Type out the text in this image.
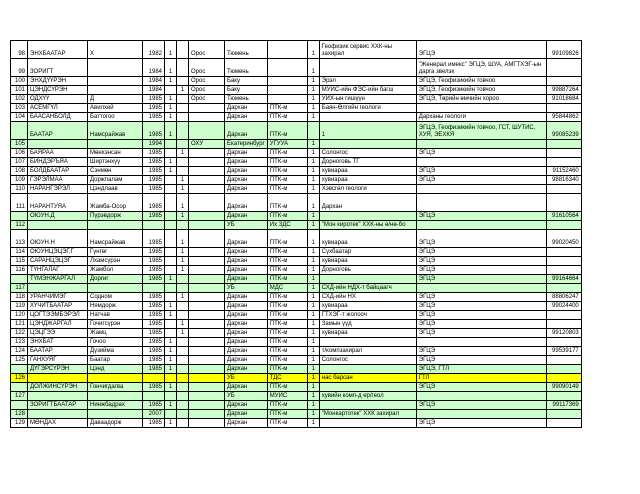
98	ЭНХБААТАР	Х	1982	1		Орос	Тюмень		1	Геофизик сервис ХХК-ны захирал	ЭГЦЭ	99109826
99	ЗОРИГТ		1984	1		Орос	Тюмень		1		"Женерал имекс" ЭГЦЭ, ШУА, АМГТХЭГ-ын дарга звелэх	
100	ЭНХДҮҮРЭН		1984	1		Орос	Баку		1	Эрэл	ЭГЦЭ, Геофизикийн товчоо	
101	ЦЭНДСҮРЭН		1984		1	Орос	Баку		1	МУИС-ийн ФЭС-ийн багш	ЭГЦЭ, Геофизикийн товчоо	99887264
102	ОДХҮҮ	Д	1985	1		Орос	Тюмень		1	УИХ-ын гишүүн	ЭГЦЭ, Төрийн өмчийн хороо	91018684
103	АСЕМГҮЛ	Авилхей	1985	1			Дархан	ПТК-м	1	Баян-Өлгийн геологи		
104	БААСАНБОЛД	Баттогоо	1985	1			Дархан	ПТК-м	1		Дарханы геологи	95844862
	БААТАР	Намсрайжав	1985	1			Дархан	ПТК-м		1	ЭГЦЭ, Геофизикийн товчоо, ГСТ, ШУТИС, ХУЯ, ЭЕХКЯ	99085239
105			1994			ОХУ	Екатеринбург	УГУУА	1			
106	БАЯРАА	Мөнхэнсан	1985		1		Дархан	ПТК-м	1	Солонгос	ЭГЦЭ	
107	БИНДЭРЪЯА	Ширтэнхүү	1985	1			Дархан	ПТК-м	1	Дорноговь ТГ		
108	БОЛДБААТАР	Сэнмөн	1985	1			Дархан	ПТК-м	1	хувиараа	ЭГЦЭ	91152460
109	ГЭРЭЛМАА	Доржпалам	1985		1		Дархан	ПТК-м	1	хувиараа	ЭГЦЭ	98816340
110	НАРАНГЭРЭЛ	Цэндлаав	1985		1		Дархан	ПТК-м	1	Хэвсгөл геологи		
111	НАРАНТУЯА	Жамба-Осор	1985		1		Дархан	ПТК-м	1	Дархан		
	ОЮУН.Д	Пүрэвдорж	1985		1		Дархан	ПТК-м	1		ЭГЦЭ	91610564
112							УБ	Их ЗДС	1	"Мон киротек" ХХК-ны ө/нө-бо		
113	ОЮУН.Н	Намсрайжав	1985		1		Дархан	ПТК-м	1	хувиараа	ЭГЦЭ	99020450
114	ОЮУНЦЭЦЭГ.Г	Гүнгөг	1985		1		Дархан	ПТК-м	1	Сүхбаатар	ЭГЦЭ	
115	САРАНЦЭЦЭГ	Лхамсүрэн	1985		1		Дархан	ПТК-м	1	хувиараа	ЭГЦЭ	
116	ТҮНГАЛАГ	Жамбол	1985		1		Дархан	ПТК-м	1	Дорноговь	ЭГЦЭ	
	ТҮМЭНЖАРГАЛ	Доргиг	1985	1			Дархан	ПТК-м	1		ЭГЦЭ	99164664
117							УБ	МДС	1	СХД-ийн НДХ-т байцаагч		
118	УРАНЧИМЭГ	Содном	1985		1		Дархан	ПТК-м	1	СХД-ийн НХ	ЭГЦЭ	88806247
119	ХҮЧИТБААТАР	Нямдорж	1985	1			Дархан	ПТК-м	1	хувиараа	ЭГЦЭ	99024400
120	ЦОГТЭЭМБЭРЭЛ	Натчав	1985	1			Дархан	ПТК-м	1	ГТХЭГ-т жолооч	ЭГЦЭ	
121	ЦЭНДЖАРГАЛ	Гочигсүрэн	1985		1		Дархан	ПТК-м	1	Замын үүд	ЭГЦЭ	
122	ЦЭЦГЭЭ	Жамц	1985		1		Дархан	ПТК-м	1	хувиараа	ЭГЦЭ	99120803
123	ЭНХБАТ	Гочоо	1985	1			Дархан	ПТК-м	1			
124	БААТАР	Дүзийма	1985	1			Дархан	ПТК-м	1	т/компзахирал	ЭГЦЭ	99539177
125	ГАНХУЯГ	Баатар	1985	1			Дархан	ПТК-м	1	Солонгос	ЭГЦЭ	
	ДҮГЭРСҮРЭН	Цэнд	1985	1			Дархан	ПТК-м	1		ЭГЦЭ, ГТЛ	
126							УБ	ТДС	1	нас барсан	ГТЛ	
	ДОЛЖИНСҮРЭН	Гончигдагва	1985	1			Дархан	ПТК-м	1		ЭГЦЭ	99090149
127							УБ	МУИС	1	хувийн комп-д ер/геол		
	ЗОРИГТБААТАР	Нинжбадрах	1985	1			Дархан	ПТК-м	1		ЭГЦЭ	99117369
128			2007				Дархан	ПТК-м	1	"Монкартотек" ХХК захирал		
129	МӨНДАХ	Даваадорж	1985	1			Дархан	ПТК-м	1		ЭГЦЭ	
